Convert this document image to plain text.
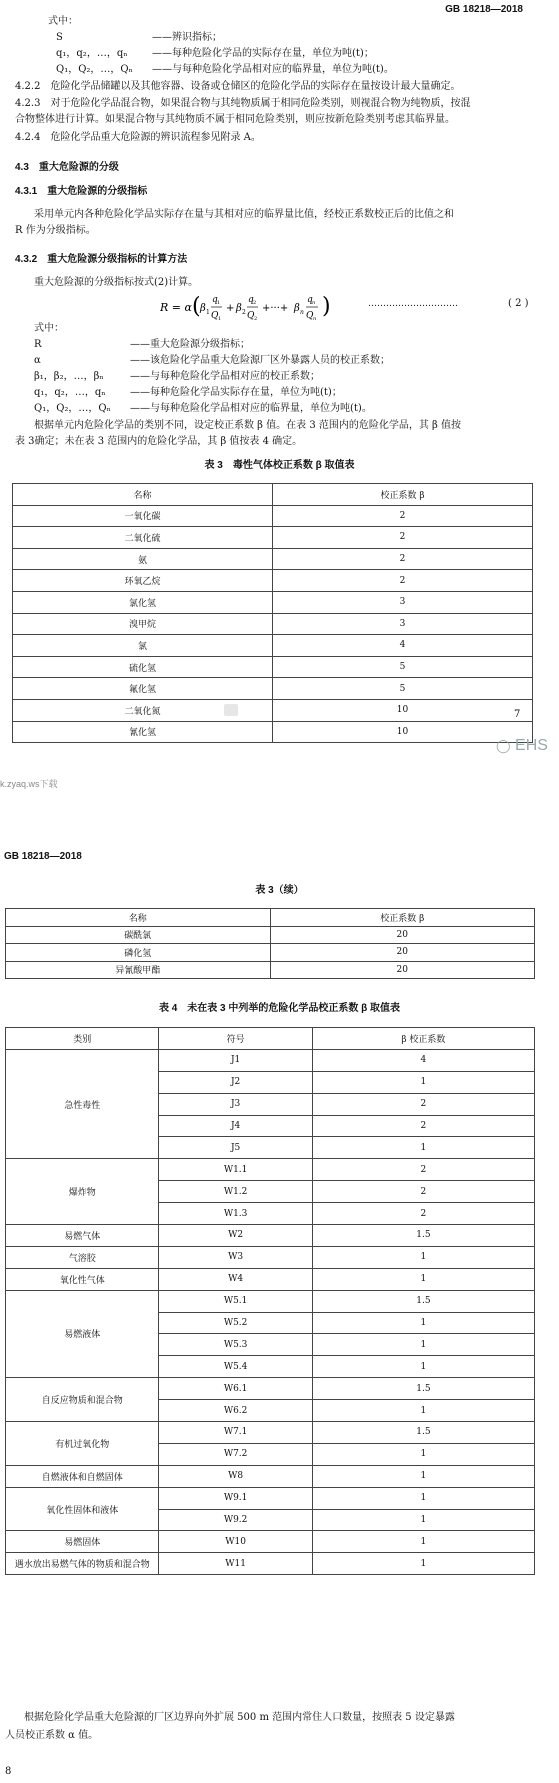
GB 18218—2018
式中：
S	——辨识指标；
q₁，q₂，…，qₙ ——每种危险化学品的实际存在量，单位为吨(t)；
Q₁，Q₂，…，Qₙ ——与每种危险化学品相对应的临界量，单位为吨(t)。
4.2.2　危险化学品储罐以及其他容器、设备或仓储区的危险化学品的实际存在量按设计最大量确定。
4.2.3　对于危险化学品混合物，如果混合物与其纯物质属于相同危险类别，则视混合物为纯物质，按混
合物整体进行计算。如果混合物与其纯物质不属于相同危险类别，则应按新危险类别考虑其临界量。
4.2.4　危险化学品重大危险源的辨识流程参见附录 A。
4.3　重大危险源的分级
4.3.1　重大危险源的分级指标
采用单元内各种危险化学品实际存在量与其相对应的临界量比值，经校正系数校正后的比值之和
R 作为分级指标。
4.3.2　重大危险源分级指标的计算方法
重大危险源的分级指标按式(2)计算。
R = α ( β 1
q 1
Q 1
+ β 2
q 2
Q 2
+···+ β n
q n
Q n )	…………………………	( 2 )
式中：
R	——重大危险源分级指标；
α	——该危险化学品重大危险源厂区外暴露人员的校正系数；
β₁，β₂，…，βₙ	——与每种危险化学品相对应的校正系数；
q₁，q₂，…，qₙ ——每种危险化学品实际存在量，单位为吨(t)；
Q₁，Q₂，…，Qₙ ——与每种危险化学品相对应的临界量，单位为吨(t)。
根据单元内危险化学品的类别不同，设定校正系数 β 值。在表 3 范围内的危险化学品，其 β 值按
表 3确定；未在表 3 范围内的危险化学品，其 β 值按表 4 确定。
表 3　毒性气体校正系数 β 取值表
名称	校正系数 β
一氧化碳	2
二氧化硫	2
氨	2
环氧乙烷	2
氯化氢	3
溴甲烷	3
氯	4
硫化氢	5
氟化氢	5
二氧化氮	10
氰化氢	10
7
◯ EHS
k.zyaq.ws下载
GB 18218—2018
表 3（续）
名称	校正系数 β
碳酰氯	20
磷化氢	20
异氰酸甲酯	20
表 4　未在表 3 中列举的危险化学品校正系数 β 取值表
类别	符号	β 校正系数
急性毒性	J1	4
	J2	1
	J3	2
	J4	2
	J5	1
爆炸物	W1.1	2
	W1.2	2
	W1.3	2
易燃气体	W2	1.5
气溶胶	W3	1
氧化性气体	W4	1
易燃液体	W5.1	1.5
	W5.2	1
	W5.3	1
	W5.4	1
自反应物质和混合物	W6.1	1.5
	W6.2	1
有机过氧化物	W7.1	1.5
	W7.2	1
自燃液体和自燃固体	W8	1
氧化性固体和液体	W9.1	1
	W9.2	1
易燃固体	W10	1
遇水放出易燃气体的物质和混合物	W11	1
根据危险化学品重大危险源的厂区边界向外扩展 500 m 范围内常住人口数量，按照表 5 设定暴露
人员校正系数 α 值。
8
